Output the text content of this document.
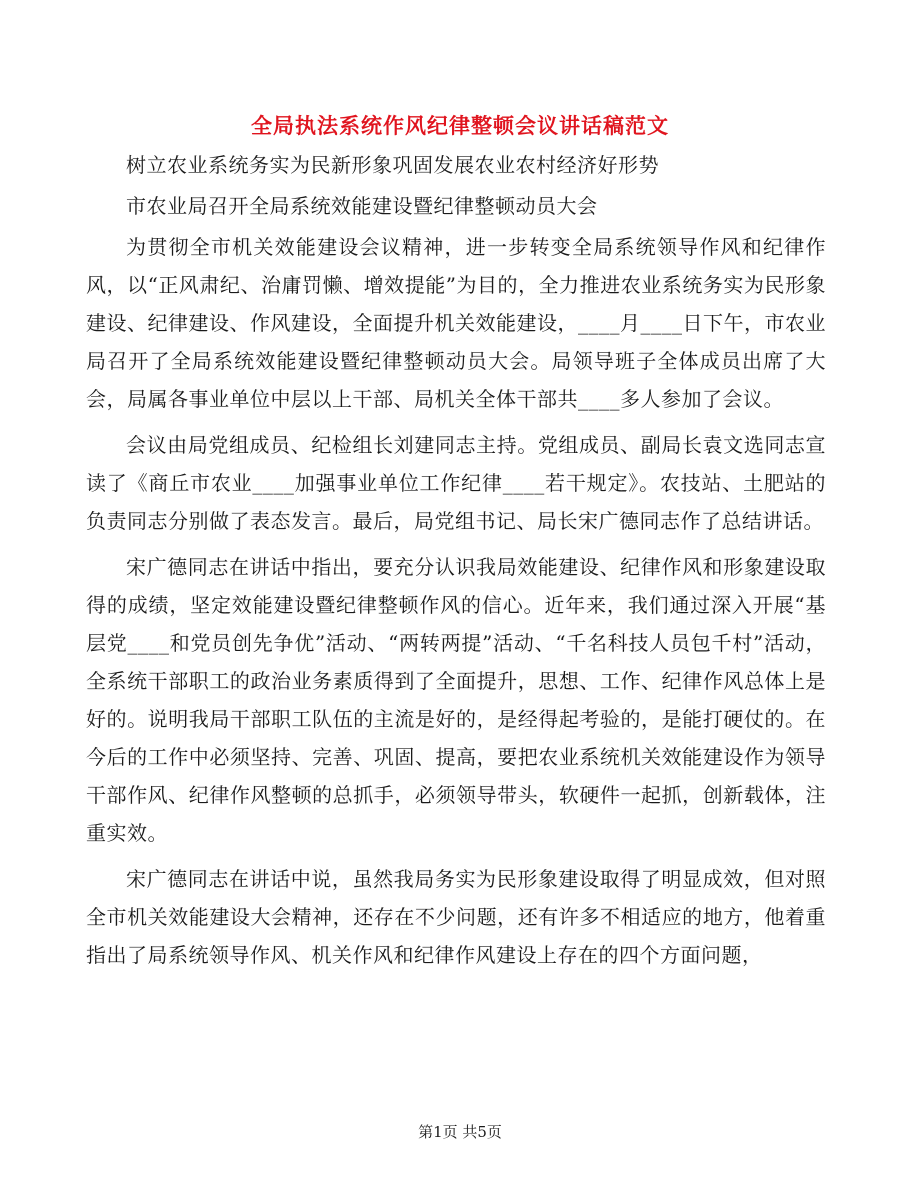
全局执法系统作风纪律整顿会议讲话稿范文

树立农业系统务实为民新形象巩固发展农业农村经济好形势

市农业局召开全局系统效能建设暨纪律整顿动员大会

为贯彻全市机关效能建设会议精神，进一步转变全局系统领导作风和纪律作风，以“正风肃纪、治庸罚懒、增效提能”为目的，全力推进农业系统务实为民形象建设、纪律建设、作风建设，全面提升机关效能建设，____月____日下午，市农业局召开了全局系统效能建设暨纪律整顿动员大会。局领导班子全体成员出席了大会，局属各事业单位中层以上干部、局机关全体干部共____多人参加了会议。

会议由局党组成员、纪检组长刘建同志主持。党组成员、副局长袁文选同志宣读了《商丘市农业____加强事业单位工作纪律____若干规定》。农技站、土肥站的负责同志分别做了表态发言。最后，局党组书记、局长宋广德同志作了总结讲话。

宋广德同志在讲话中指出，要充分认识我局效能建设、纪律作风和形象建设取得的成绩，坚定效能建设暨纪律整顿作风的信心。近年来，我们通过深入开展“基层党____和党员创先争优”活动、“两转两提”活动、“千名科技人员包千村”活动，全系统干部职工的政治业务素质得到了全面提升，思想、工作、纪律作风总体上是好的。说明我局干部职工队伍的主流是好的，是经得起考验的，是能打硬仗的。在今后的工作中必须坚持、完善、巩固、提高，要把农业系统机关效能建设作为领导干部作风、纪律作风整顿的总抓手，必须领导带头，软硬件一起抓，创新载体，注重实效。

宋广德同志在讲话中说，虽然我局务实为民形象建设取得了明显成效，但对照全市机关效能建设大会精神，还存在不少问题，还有许多不相适应的地方，他着重指出了局系统领导作风、机关作风和纪律作风建设上存在的四个方面问题，

第1页 共5页
